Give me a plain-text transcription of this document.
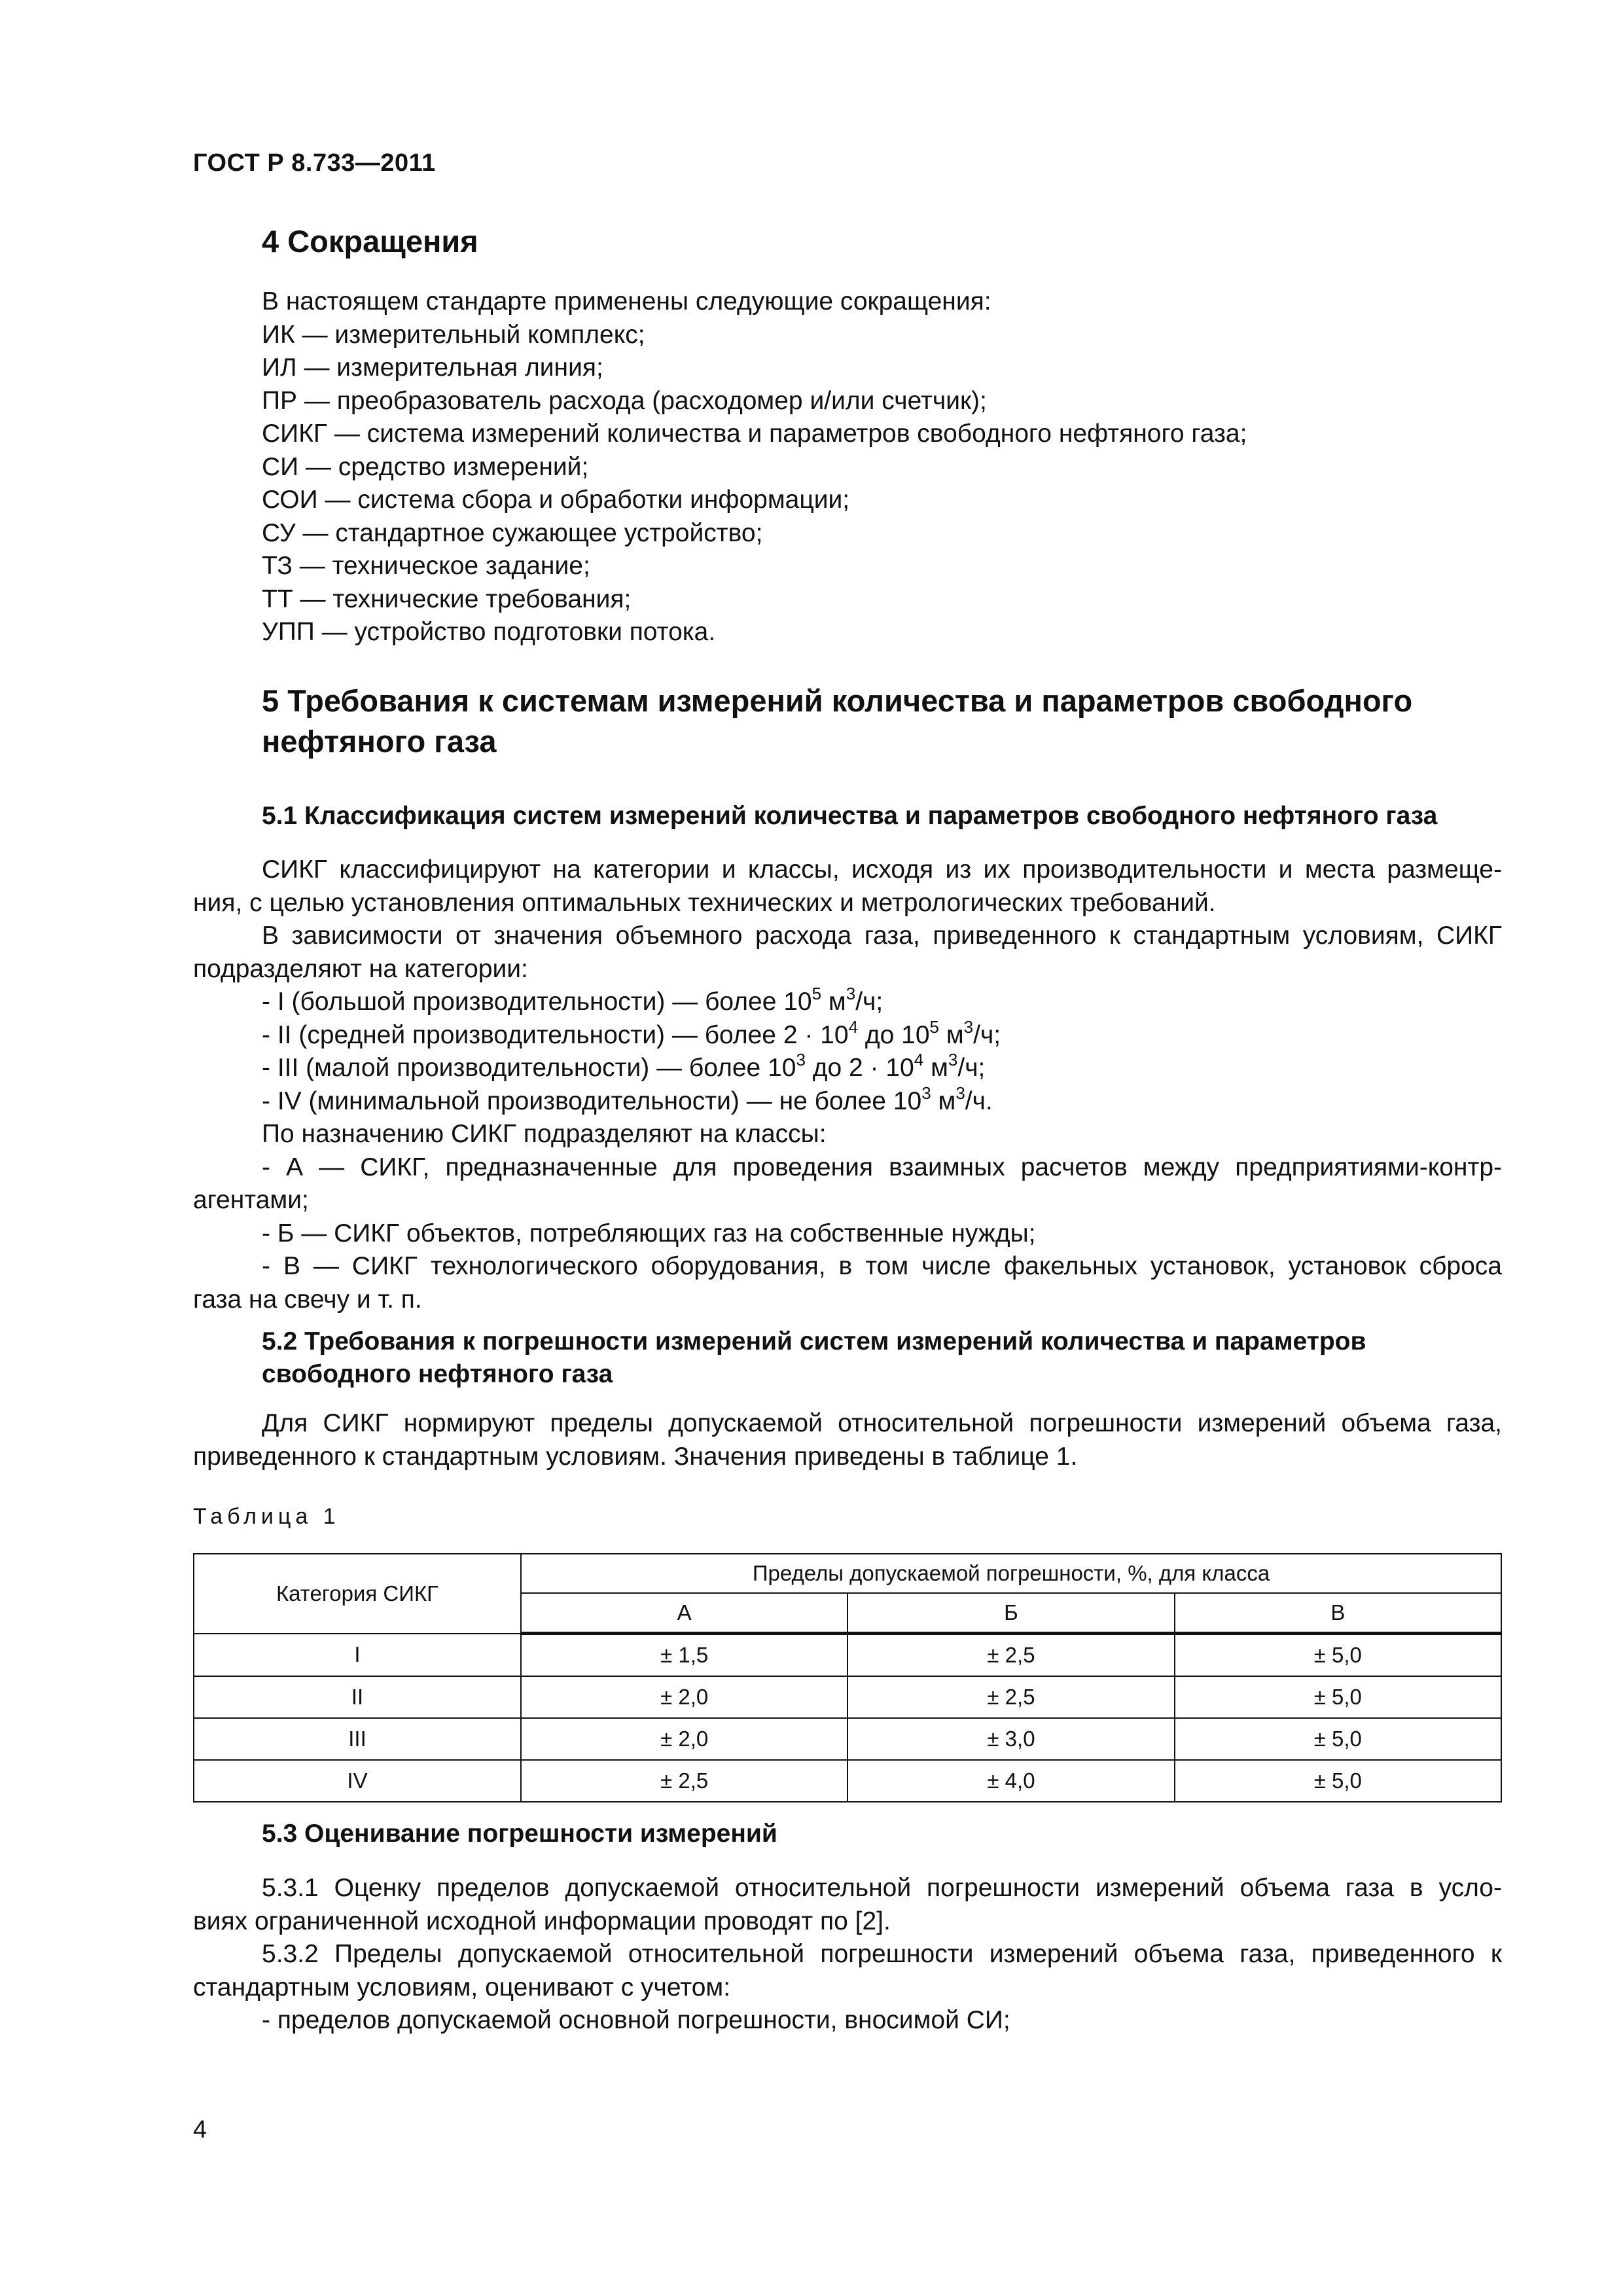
ГОСТ Р 8.733—2011
4 Сокращения
В настоящем стандарте применены следующие сокращения:
ИК — измерительный комплекс;
ИЛ — измерительная линия;
ПР — преобразователь расхода (расходомер и/или счетчик);
СИКГ — система измерений количества и параметров свободного нефтяного газа;
СИ — средство измерений;
СОИ — система сбора и обработки информации;
СУ — стандартное сужающее устройство;
ТЗ — техническое задание;
ТТ — технические требования;
УПП — устройство подготовки потока.
5 Требования к системам измерений количества и параметров свободного
нефтяного газа
5.1 Классификация систем измерений количества и параметров свободного нефтяного газа
СИКГ классифицируют на категории и классы, исходя из их производительности и места размеще-
ния, с целью установления оптимальных технических и метрологических требований.
В зависимости от значения объемного расхода газа, приведенного к стандартным условиям, СИКГ
подразделяют на категории:
- I (большой производительности) — более $10^5$ $м^3/ч$;
- II (средней производительности) — более $2 \cdot 10^4$ до $10^5$ $м^3/ч$;
- III (малой производительности) — более $10^3$ до $2 \cdot 10^4$ $м^3/ч$;
- IV (минимальной производительности) — не более $10^3$ $м^3/ч$.
По назначению СИКГ подразделяют на классы:
- А — СИКГ, предназначенные для проведения взаимных расчетов между предприятиями-контр-
агентами;
- Б — СИКГ объектов, потребляющих газ на собственные нужды;
- В — СИКГ технологического оборудования, в том числе факельных установок, установок сброса
газа на свечу и т. п.
5.2 Требования к погрешности измерений систем измерений количества и параметров
свободного нефтяного газа
Для СИКГ нормируют пределы допускаемой относительной погрешности измерений объема газа,
приведенного к стандартным условиям. Значения приведены в таблице 1.
Таблица 1
Категория СИКГ	Пределы допускаемой погрешности, %, для класса		
	А	Б	В
I	± 1,5	± 2,5	± 5,0
II	± 2,0	± 2,5	± 5,0
III	± 2,0	± 3,0	± 5,0
IV	± 2,5	± 4,0	± 5,0
5.3 Оценивание погрешности измерений
5.3.1 Оценку пределов допускаемой относительной погрешности измерений объема газа в усло-
виях ограниченной исходной информации проводят по [2].
5.3.2 Пределы допускаемой относительной погрешности измерений объема газа, приведенного к
стандартным условиям, оценивают с учетом:
- пределов допускаемой основной погрешности, вносимой СИ;
4
